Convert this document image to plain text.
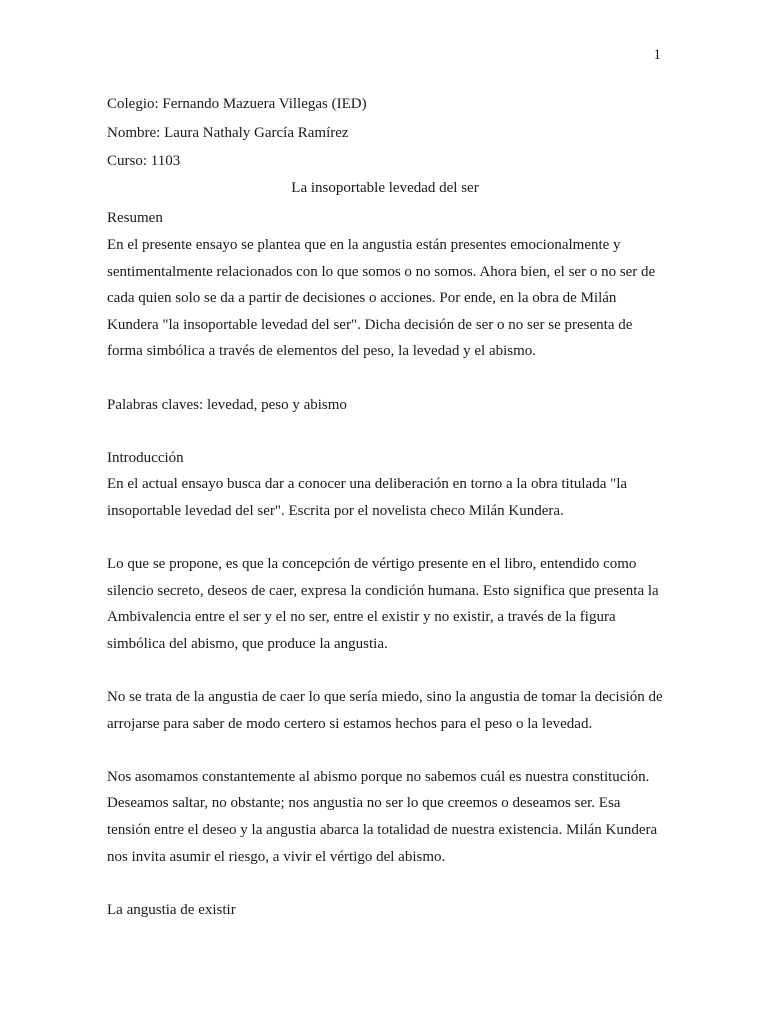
1

Colegio: Fernando Mazuera Villegas (IED)

Nombre: Laura Nathaly García Ramírez

Curso: 1103

La insoportable levedad del ser

Resumen

En el presente ensayo se plantea que en la angustia están presentes emocionalmente y sentimentalmente relacionados con lo que somos o no somos. Ahora bien, el ser o no ser de cada quien solo se da a partir de decisiones o acciones. Por ende, en la obra de Milán Kundera "la insoportable levedad del ser". Dicha decisión de ser o no ser se presenta de forma simbólica a través de elementos del peso, la levedad y el abismo.

Palabras claves: levedad, peso y abismo

Introducción

En el actual ensayo busca dar a conocer una deliberación en torno a la obra titulada "la insoportable levedad del ser". Escrita por el novelista checo Milán Kundera.

Lo que se propone, es que la concepción de vértigo presente en el libro, entendido como silencio secreto, deseos de caer, expresa la condición humana. Esto significa que presenta la Ambivalencia entre el ser y el no ser, entre el existir y no existir, a través de la figura simbólica del abismo, que produce la angustia.

No se trata de la angustia de caer lo que sería miedo, sino la angustia de tomar la decisión de arrojarse para saber de modo certero si estamos hechos para el peso o la levedad.

Nos asomamos constantemente al abismo porque no sabemos cuál es nuestra constitución. Deseamos saltar, no obstante; nos angustia no ser lo que creemos o deseamos ser. Esa tensión entre el deseo y la angustia abarca la totalidad de nuestra existencia. Milán Kundera nos invita asumir el riesgo, a vivir el vértigo del abismo.

La angustia de existir
